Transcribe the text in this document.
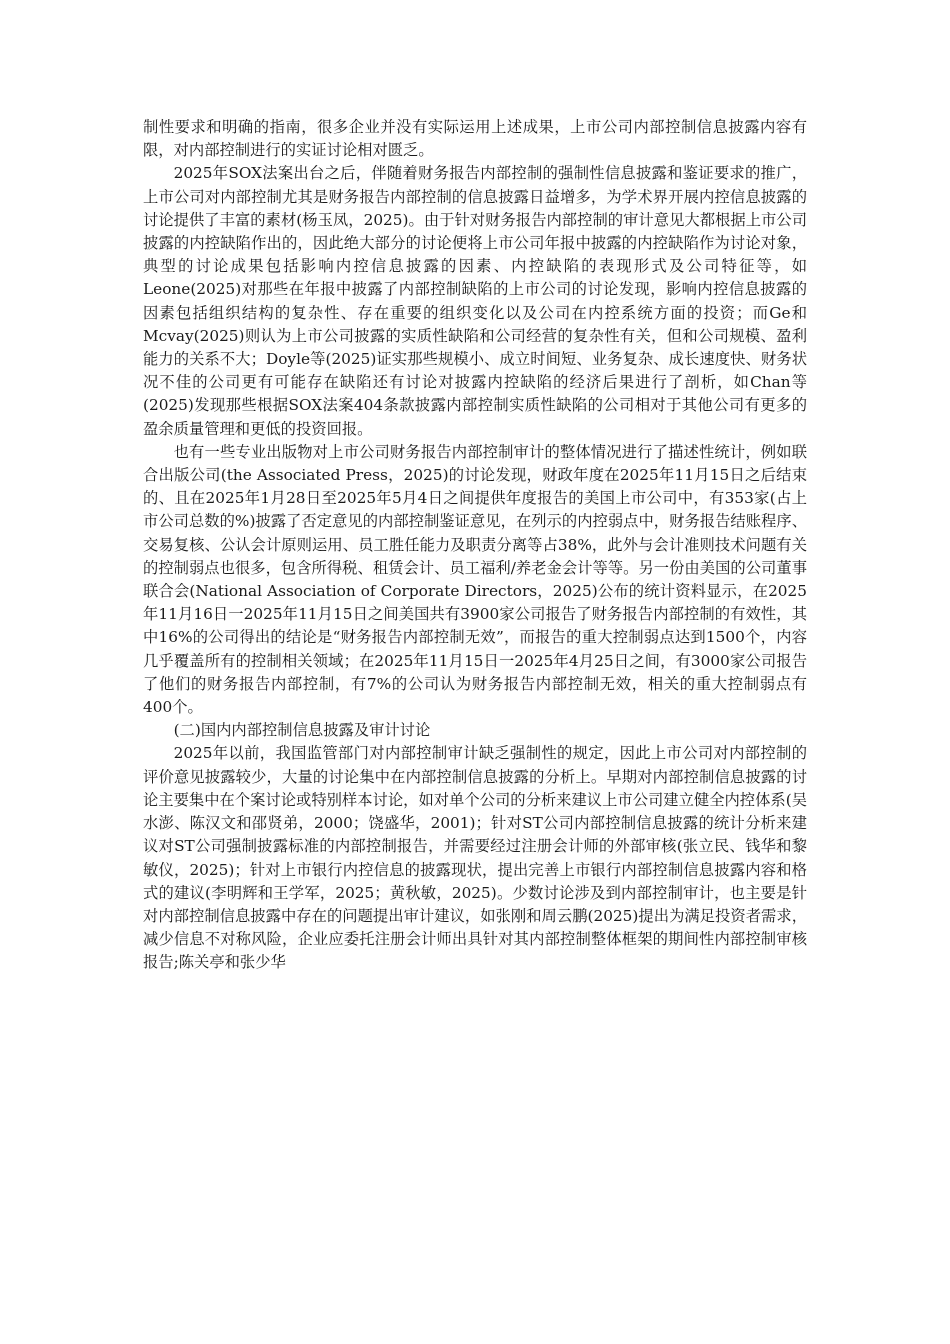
制性要求和明确的指南，很多企业并没有实际运用上述成果，上市公司内部控制信息披露内容有限，对内部控制进行的实证讨论相对匮乏。

2025年SOX法案出台之后，伴随着财务报告内部控制的强制性信息披露和鉴证要求的推广，上市公司对内部控制尤其是财务报告内部控制的信息披露日益增多，为学术界开展内控信息披露的讨论提供了丰富的素材(杨玉凤，2025)。由于针对财务报告内部控制的审计意见大都根据上市公司披露的内控缺陷作出的，因此绝大部分的讨论便将上市公司年报中披露的内控缺陷作为讨论对象，典型的讨论成果包括影响内控信息披露的因素、内控缺陷的表现形式及公司特征等，如Leone(2025)对那些在年报中披露了内部控制缺陷的上市公司的讨论发现，影响内控信息披露的因素包括组织结构的复杂性、存在重要的组织变化以及公司在内控系统方面的投资；而Ge和Mcvay(2025)则认为上市公司披露的实质性缺陷和公司经营的复杂性有关，但和公司规模、盈利能力的关系不大；Doyle等(2025)证实那些规模小、成立时间短、业务复杂、成长速度快、财务状况不佳的公司更有可能存在缺陷还有讨论对披露内控缺陷的经济后果进行了剖析，如Chan等(2025)发现那些根据SOX法案404条款披露内部控制实质性缺陷的公司相对于其他公司有更多的盈余质量管理和更低的投资回报。

也有一些专业出版物对上市公司财务报告内部控制审计的整体情况进行了描述性统计，例如联合出版公司(the Associated Press，2025)的讨论发现，财政年度在2025年11月15日之后结束的、且在2025年1月28日至2025年5月4日之间提供年度报告的美国上市公司中，有353家(占上市公司总数的%)披露了否定意见的内部控制鉴证意见，在列示的内控弱点中，财务报告结账程序、交易复核、公认会计原则运用、员工胜任能力及职责分离等占38%，此外与会计准则技术问题有关的控制弱点也很多，包含所得税、租赁会计、员工福利/养老金会计等等。另一份由美国的公司董事联合会(National Association of Corporate Directors，2025)公布的统计资料显示，在2025年11月16日一2025年11月15日之间美国共有3900家公司报告了财务报告内部控制的有效性，其中16%的公司得出的结论是“财务报告内部控制无效”，而报告的重大控制弱点达到1500个，内容几乎覆盖所有的控制相关领域；在2025年11月15日一2025年4月25日之间，有3000家公司报告了他们的财务报告内部控制，有7%的公司认为财务报告内部控制无效，相关的重大控制弱点有400个。

(二)国内内部控制信息披露及审计讨论

2025年以前，我国监管部门对内部控制审计缺乏强制性的规定，因此上市公司对内部控制的评价意见披露较少，大量的讨论集中在内部控制信息披露的分析上。早期对内部控制信息披露的讨论主要集中在个案讨论或特别样本讨论，如对单个公司的分析来建议上市公司建立健全内控体系(吴水澎、陈汉文和邵贤弟，2000；饶盛华，2001)；针对ST公司内部控制信息披露的统计分析来建议对ST公司强制披露标准的内部控制报告，并需要经过注册会计师的外部审核(张立民、钱华和黎敏仪，2025)；针对上市银行内控信息的披露现状，提出完善上市银行内部控制信息披露内容和格式的建议(李明辉和王学军，2025；黄秋敏，2025)。少数讨论涉及到内部控制审计，也主要是针对内部控制信息披露中存在的问题提出审计建议，如张刚和周云鹏(2025)提出为满足投资者需求，减少信息不对称风险，企业应委托注册会计师出具针对其内部控制整体框架的期间性内部控制审核报告;陈关亭和张少华
